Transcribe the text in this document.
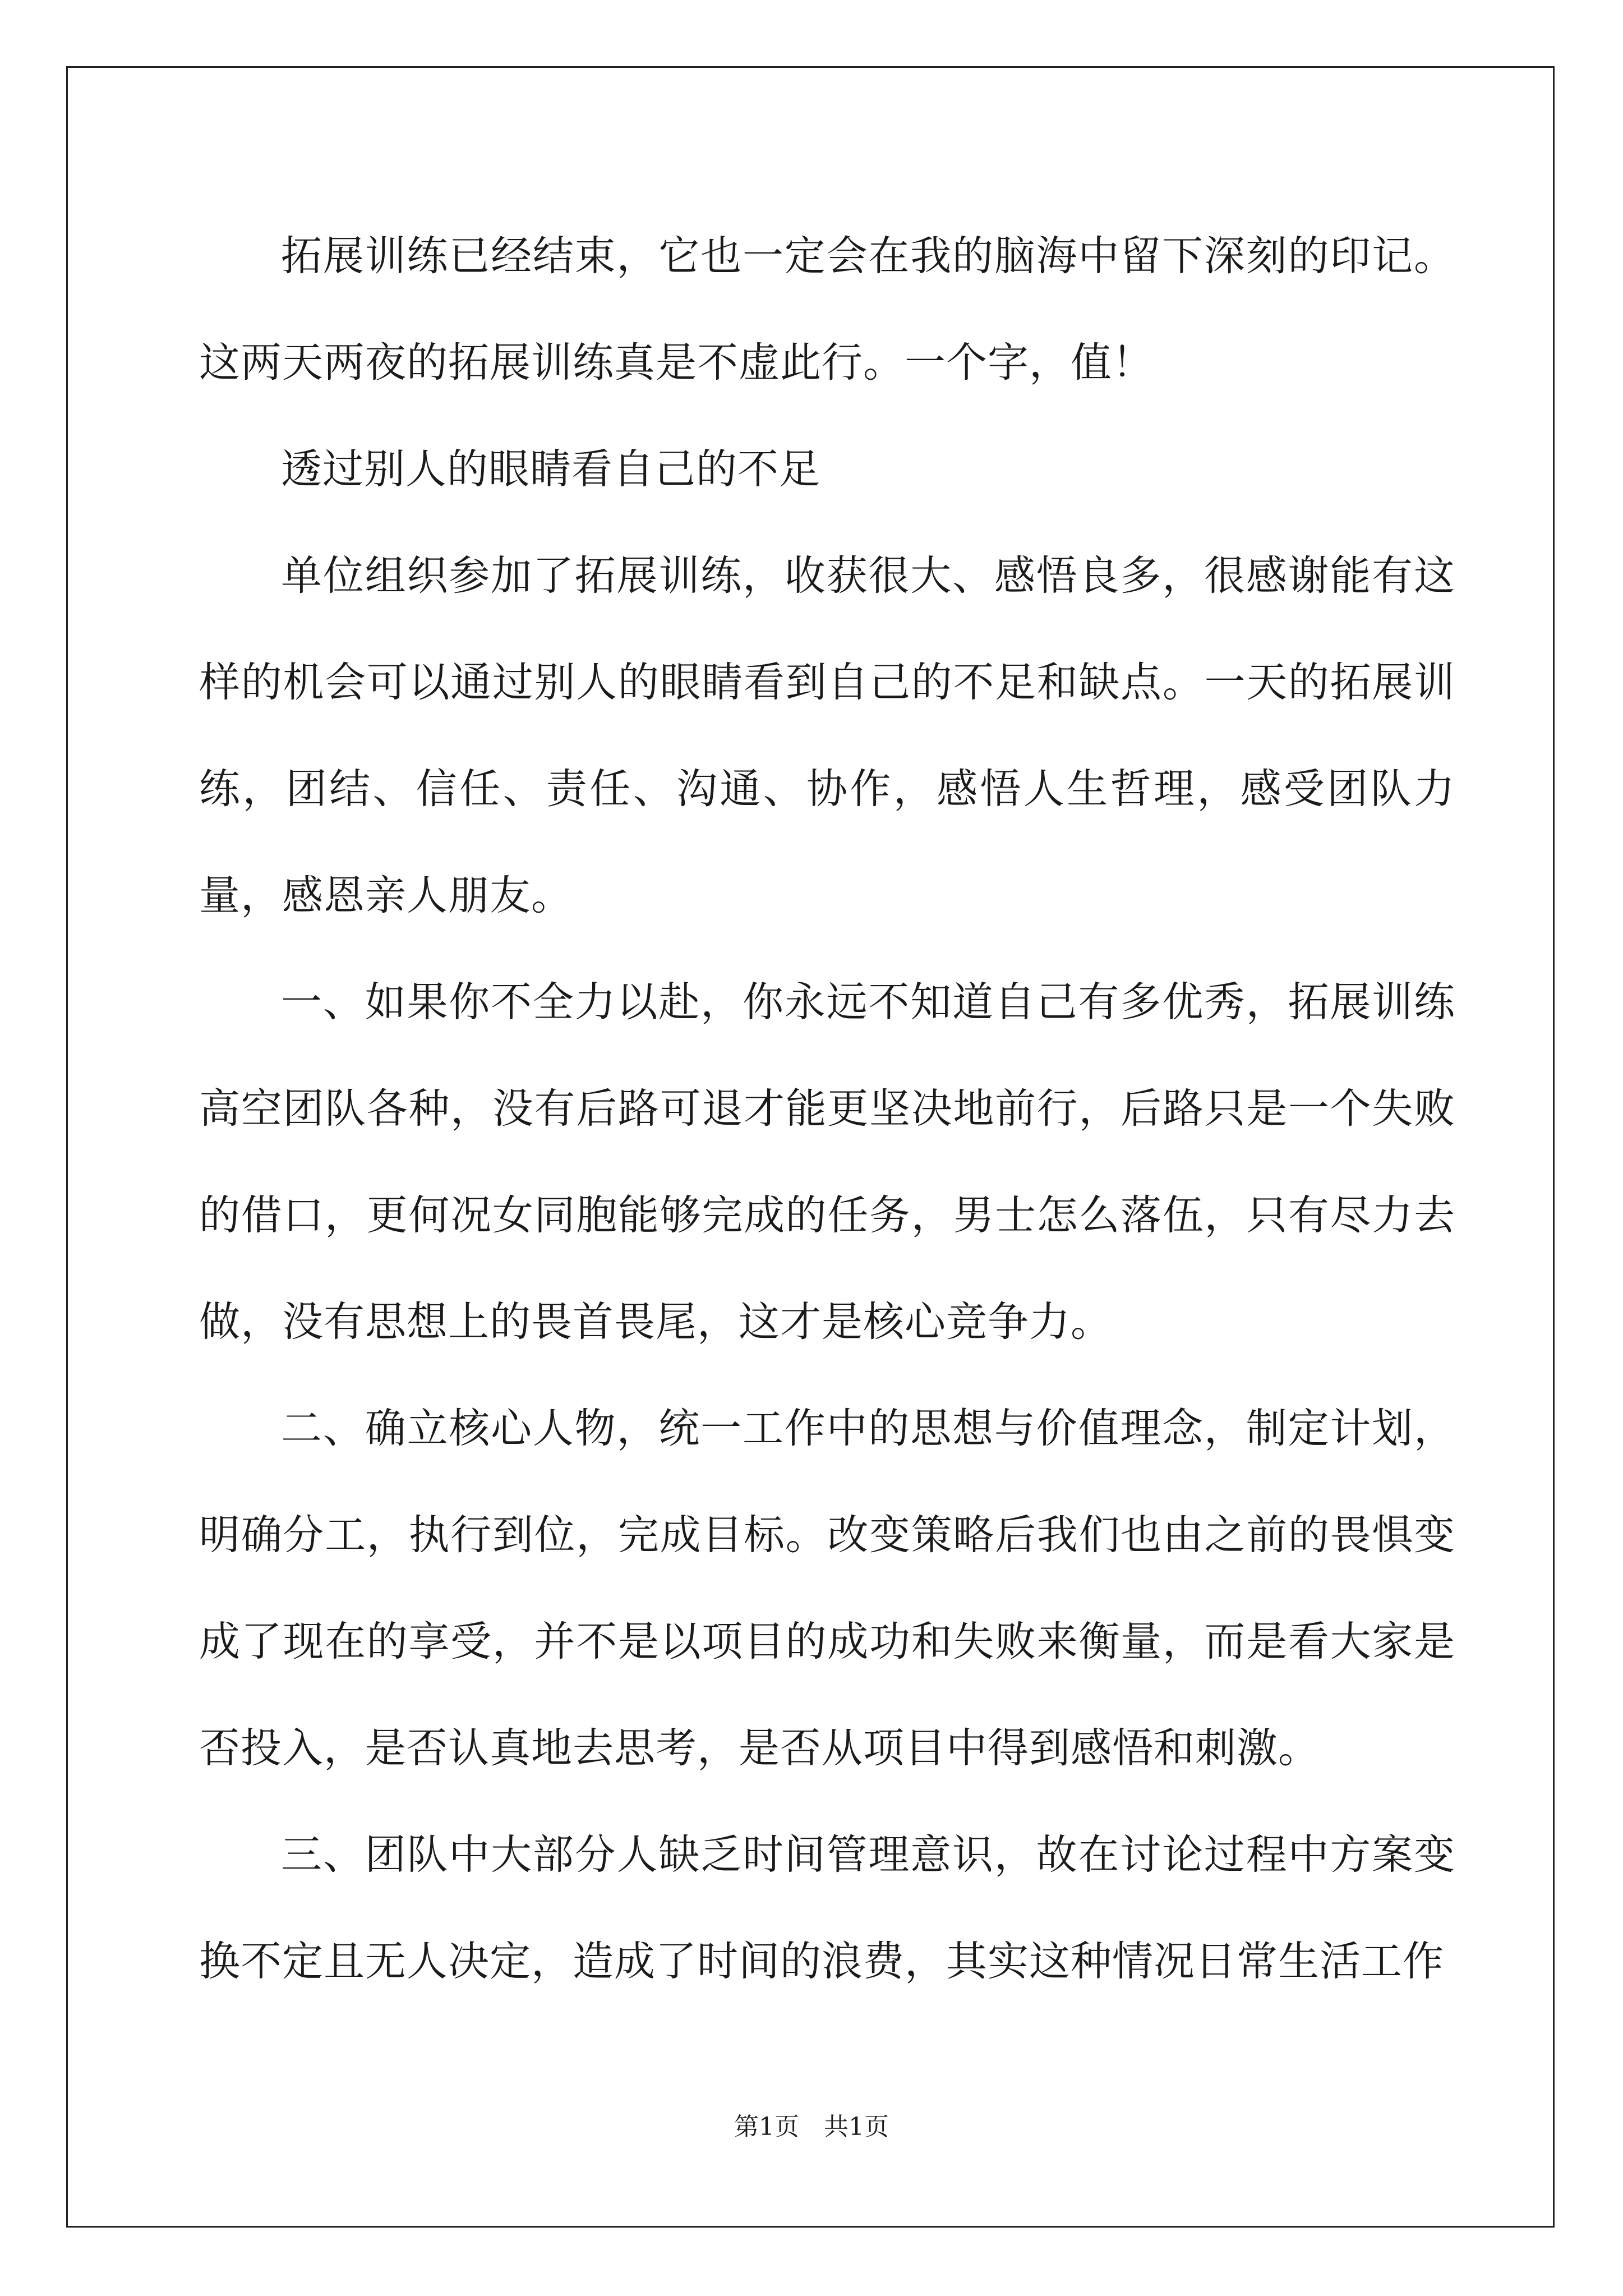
拓展训练已经结束，它也一定会在我的脑海中留下深刻的印记。这两天两夜的拓展训练真是不虚此行。一个字，值！

透过别人的眼睛看自己的不足

单位组织参加了拓展训练，收获很大、感悟良多，很感谢能有这样的机会可以通过别人的眼睛看到自己的不足和缺点。一天的拓展训练，团结、信任、责任、沟通、协作，感悟人生哲理，感受团队力量，感恩亲人朋友。

一、如果你不全力以赴，你永远不知道自己有多优秀，拓展训练高空团队各种，没有后路可退才能更坚决地前行，后路只是一个失败的借口，更何况女同胞能够完成的任务，男士怎么落伍，只有尽力去做，没有思想上的畏首畏尾，这才是核心竞争力。

二、确立核心人物，统一工作中的思想与价值理念，制定计划，明确分工，执行到位，完成目标。改变策略后我们也由之前的畏惧变成了现在的享受，并不是以项目的成功和失败来衡量，而是看大家是否投入，是否认真地去思考，是否从项目中得到感悟和刺激。

三、团队中大部分人缺乏时间管理意识，故在讨论过程中方案变换不定且无人决定，造成了时间的浪费，其实这种情况日常生活工作

第1页　共1页
